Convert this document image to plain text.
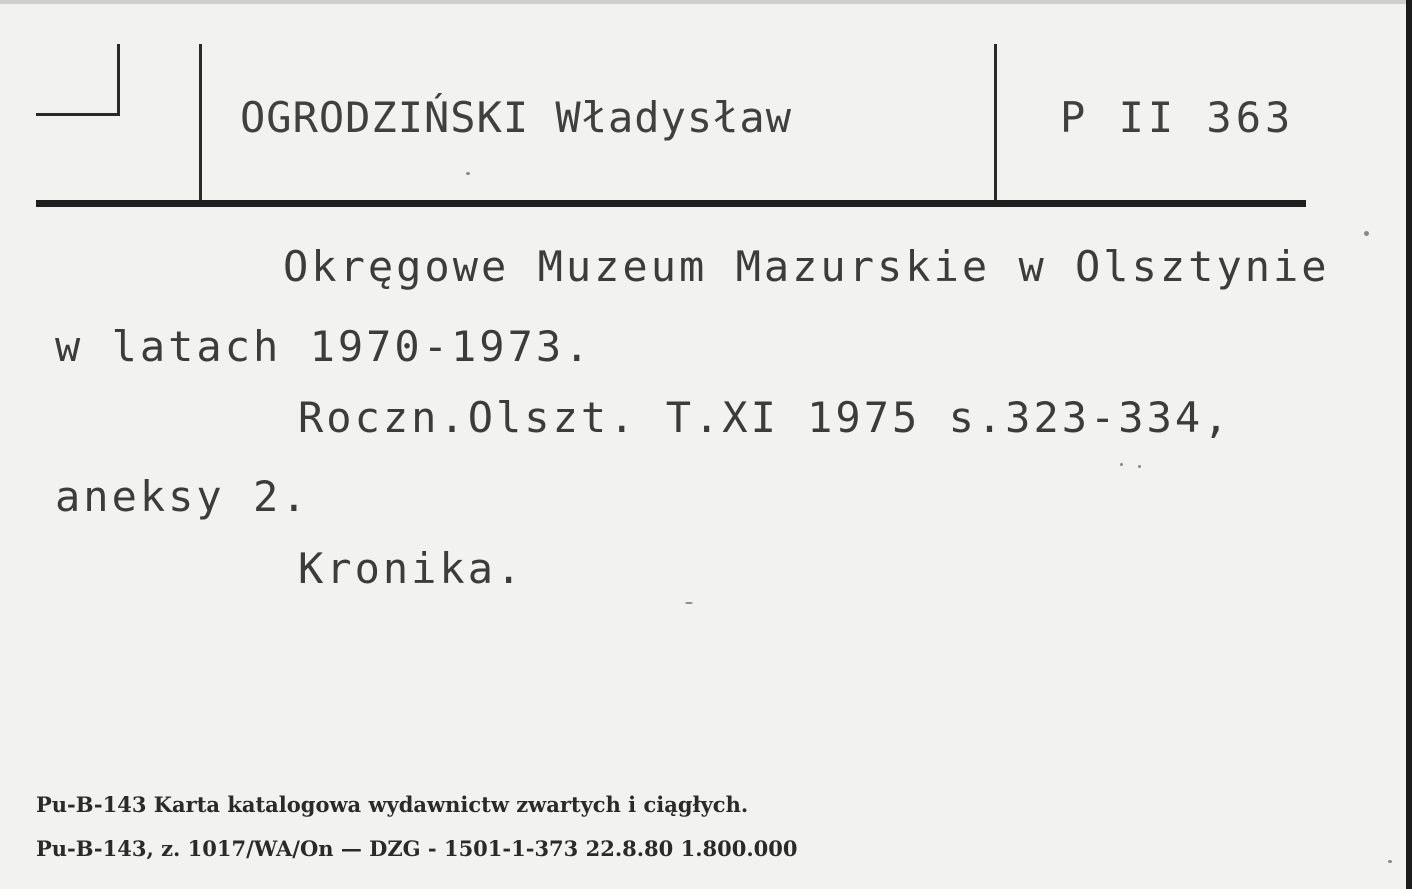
OGRODZIŃSKI Władysław	P II 363
Okręgowe Muzeum Mazurskie w Olsztynie
w latach 1970-1973.
Roczn.Olszt. T.XI 1975 s.323-334,
aneksy 2.
Kronika.
Pu-B-143 Karta katalogowa wydawnictw zwartych i ciągłych.
Pu-B-143, z. 1017/WA/On — DZG - 1501-1-373 22.8.80 1.800.000
